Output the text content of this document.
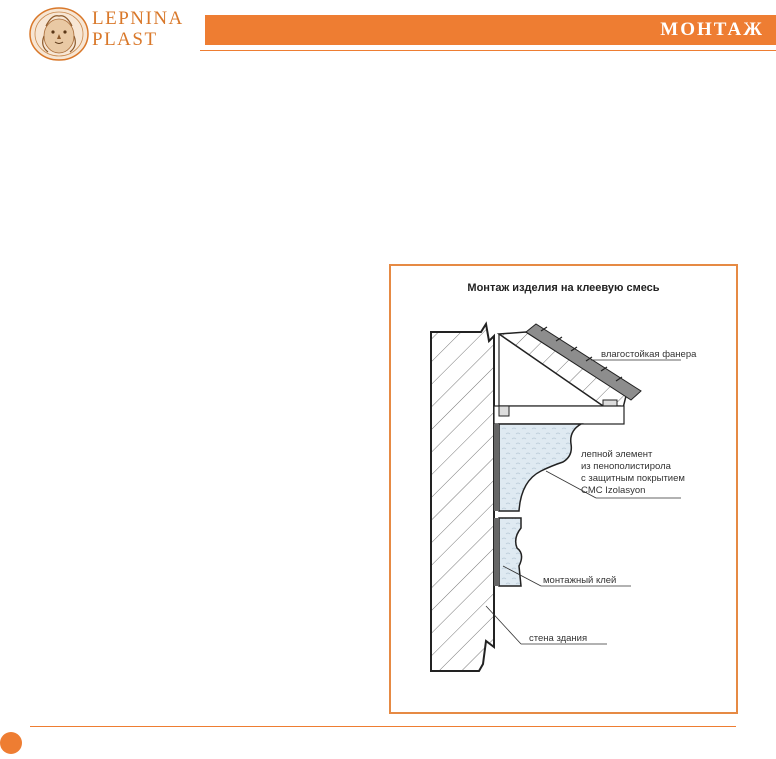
LEPNINA
PLAST	МОНТАЖ
Монтаж изделия на клеевую смесь
влагостойкая фанера
лепной элемент
из пенополистирола
с защитным покрытием
CMC Izolasyon
монтажный клей
стена здания
